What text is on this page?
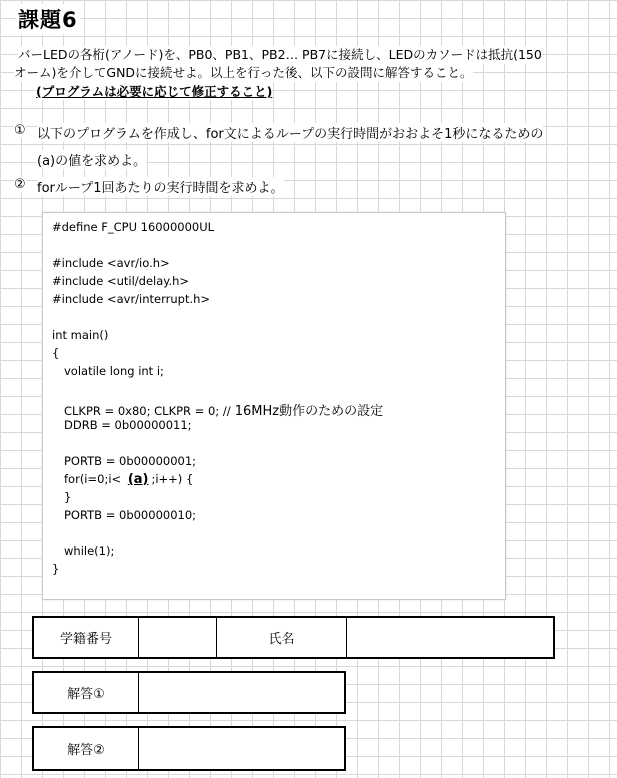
課題6
バーLEDの各桁(アノード)を、PB0、PB1、PB2… PB7に接続し、LEDのカソードは抵抗(150
オーム)を介してGNDに接続せよ。以上を行った後、以下の設問に解答すること。
(プログラムは必要に応じて修正すること)
① 以下のプログラムを作成し、for文によるループの実行時間がおおよそ1秒になるための
(a)の値を求めよ。
② forループ1回あたりの実行時間を求めよ。
#define F_CPU 16000000UL
#include <avr/io.h>
#include <util/delay.h>
#include <avr/interrupt.h>
int main()
{
volatile long int i;
CLKPR = 0x80; CLKPR = 0; // 16MHz動作のための設定
DDRB = 0b00000011;
PORTB = 0b00000001;
for(i=0;i< (a) ;i++) {
}
PORTB = 0b00000010;
while(1);
}
学籍番号	氏名
解答①
解答②
